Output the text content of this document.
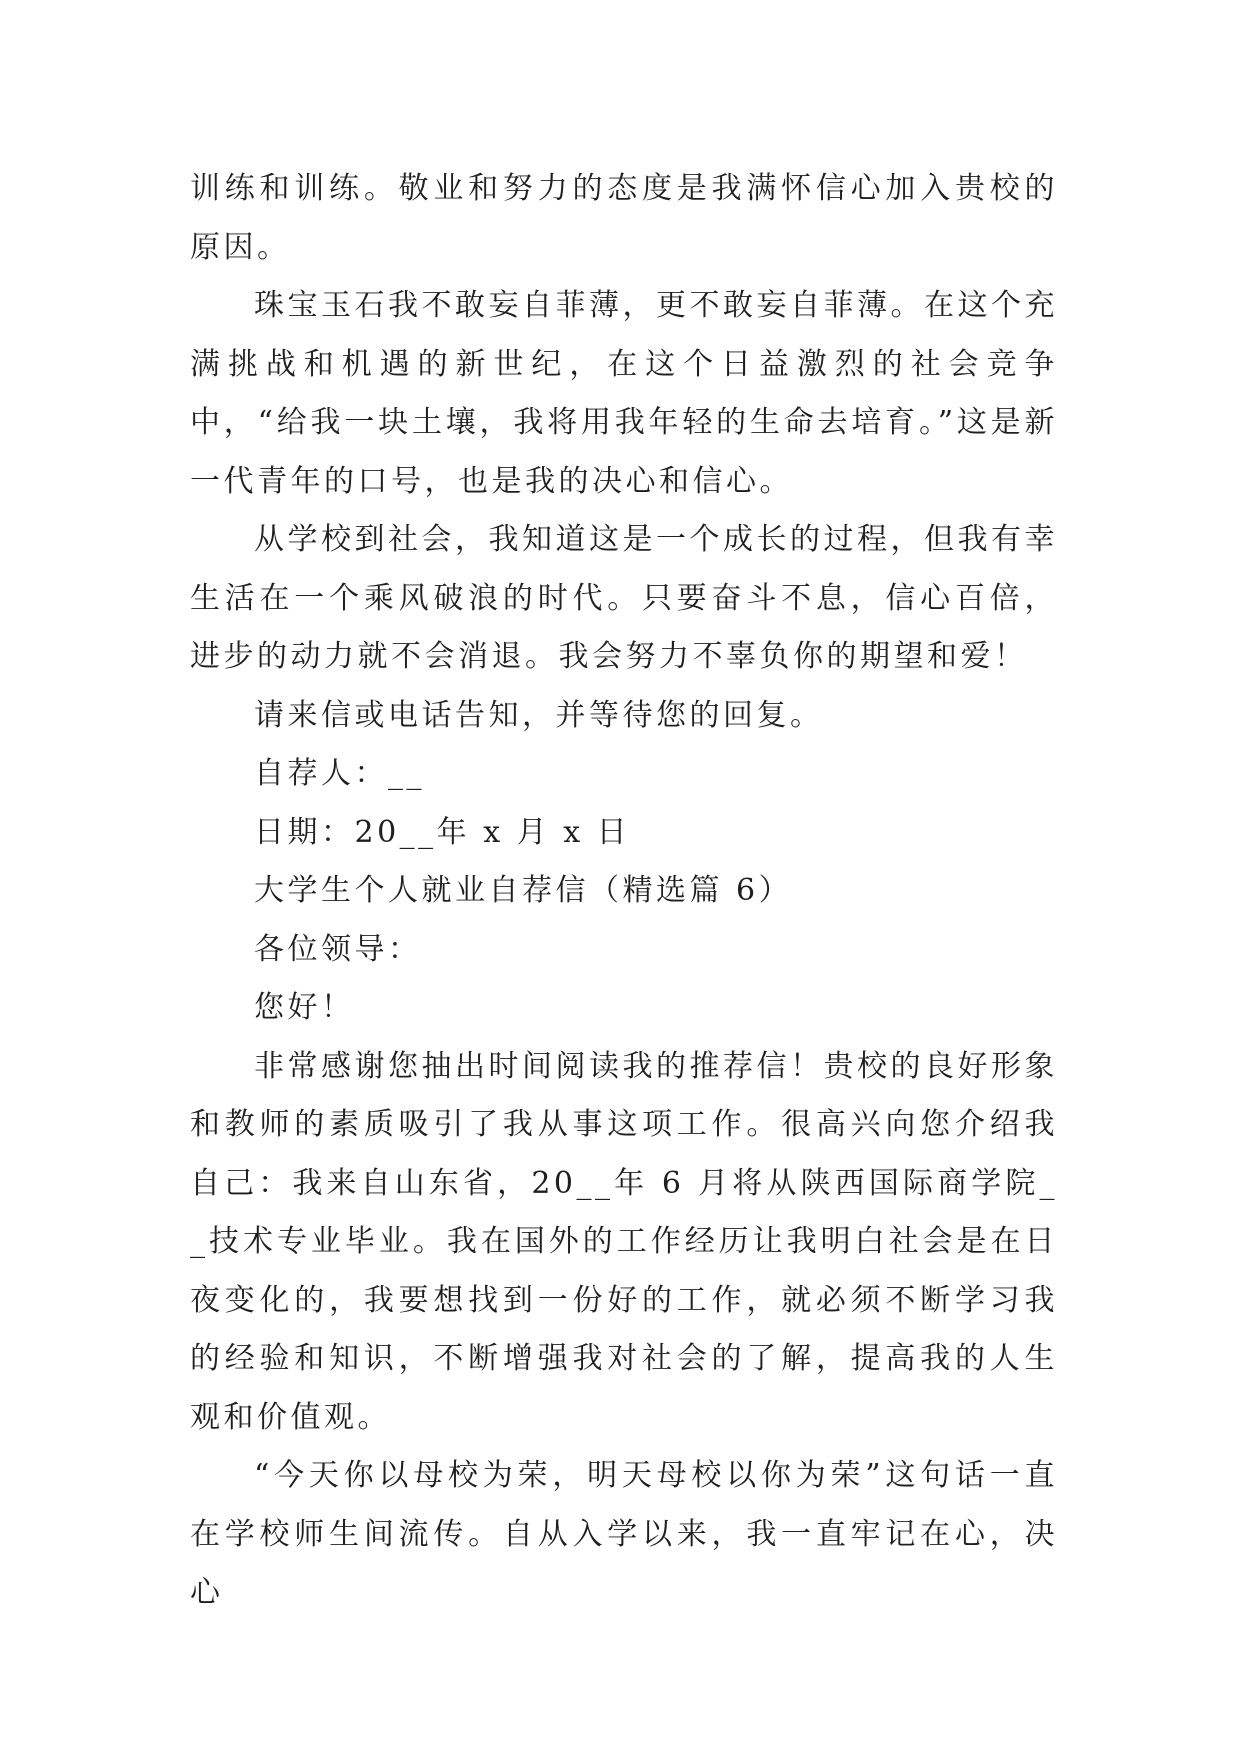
训练和训练。敬业和努力的态度是我满怀信心加入贵校的原因。

珠宝玉石我不敢妄自菲薄，更不敢妄自菲薄。在这个充满挑战和机遇的新世纪，在这个日益激烈的社会竞争中，“给我一块土壤，我将用我年轻的生命去培育。”这是新一代青年的口号，也是我的决心和信心。

从学校到社会，我知道这是一个成长的过程，但我有幸生活在一个乘风破浪的时代。只要奋斗不息，信心百倍，进步的动力就不会消退。我会努力不辜负你的期望和爱！

请来信或电话告知，并等待您的回复。

自荐人：__

日期：20__年 x 月 x 日

大学生个人就业自荐信（精选篇 6）

各位领导：

您好！

非常感谢您抽出时间阅读我的推荐信！贵校的良好形象和教师的素质吸引了我从事这项工作。很高兴向您介绍我自己：我来自山东省，20__年 6 月将从陕西国际商学院__技术专业毕业。我在国外的工作经历让我明白社会是在日夜变化的，我要想找到一份好的工作，就必须不断学习我的经验和知识，不断增强我对社会的了解，提高我的人生观和价值观。

“今天你以母校为荣，明天母校以你为荣”这句话一直在学校师生间流传。自从入学以来，我一直牢记在心，决心
